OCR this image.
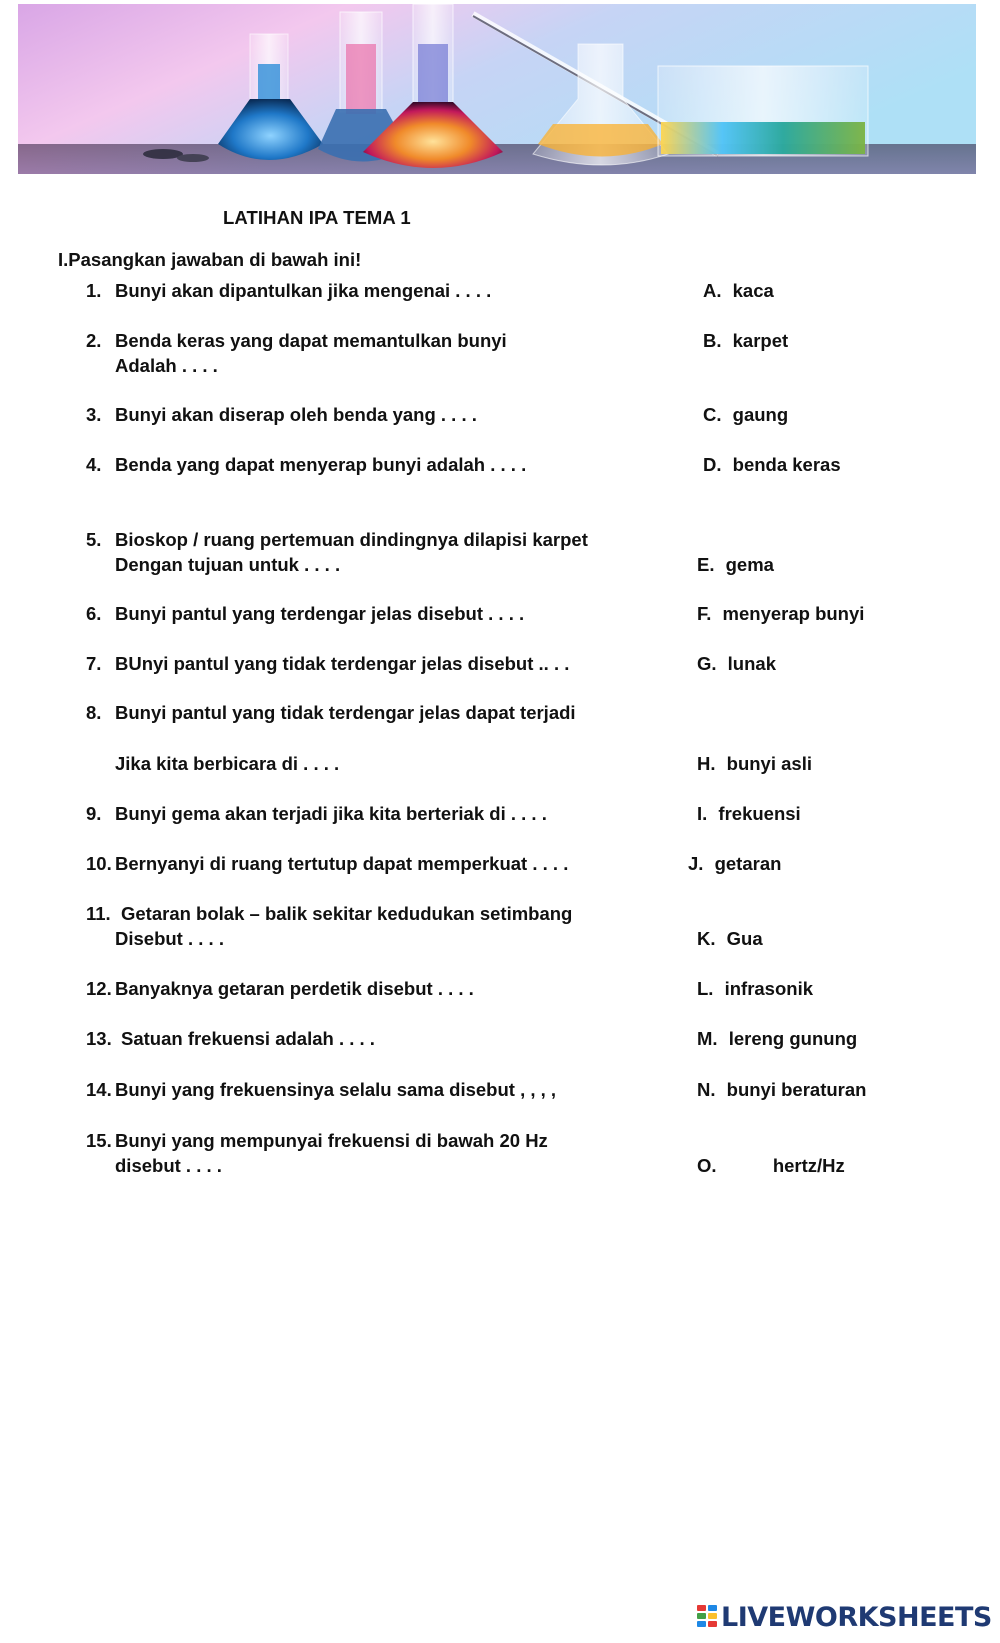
LATIHAN IPA TEMA 1
I.Pasangkan jawaban di bawah ini!
1. Bunyi akan dipantulkan jika mengenai . . . .
2. Benda keras yang dapat memantulkan bunyi
Adalah . . . .
3. Bunyi akan diserap oleh benda yang . . . .
4. Benda yang dapat menyerap bunyi adalah . . . .
5. Bioskop / ruang pertemuan dindingnya dilapisi karpet
Dengan tujuan untuk . . . .
6. Bunyi pantul yang terdengar jelas disebut . . . .
7. BUnyi pantul yang tidak terdengar jelas disebut .. . .
8. Bunyi pantul yang tidak terdengar jelas dapat terjadi
Jika kita berbicara di . . . .
9. Bunyi gema akan terjadi jika kita berteriak di . . . .
10. Bernyanyi di ruang tertutup dapat memperkuat . . . .
11. Getaran bolak – balik sekitar kedudukan setimbang
Disebut . . . .
12. Banyaknya getaran perdetik disebut . . . .
13. Satuan frekuensi adalah . . . .
14. Bunyi yang frekuensinya selalu sama disebut , , , ,
15. Bunyi yang mempunyai frekuensi di bawah 20 Hz
disebut . . . .
A. kaca
B. karpet
C. gaung
D. benda keras
E. gema
F. menyerap bunyi
G. lunak
H. bunyi asli
I. frekuensi
J. getaran
K. Gua
L. infrasonik
M. lereng gunung
N. bunyi beraturan
O.	hertz/Hz
LIVEWORKSHEETS
